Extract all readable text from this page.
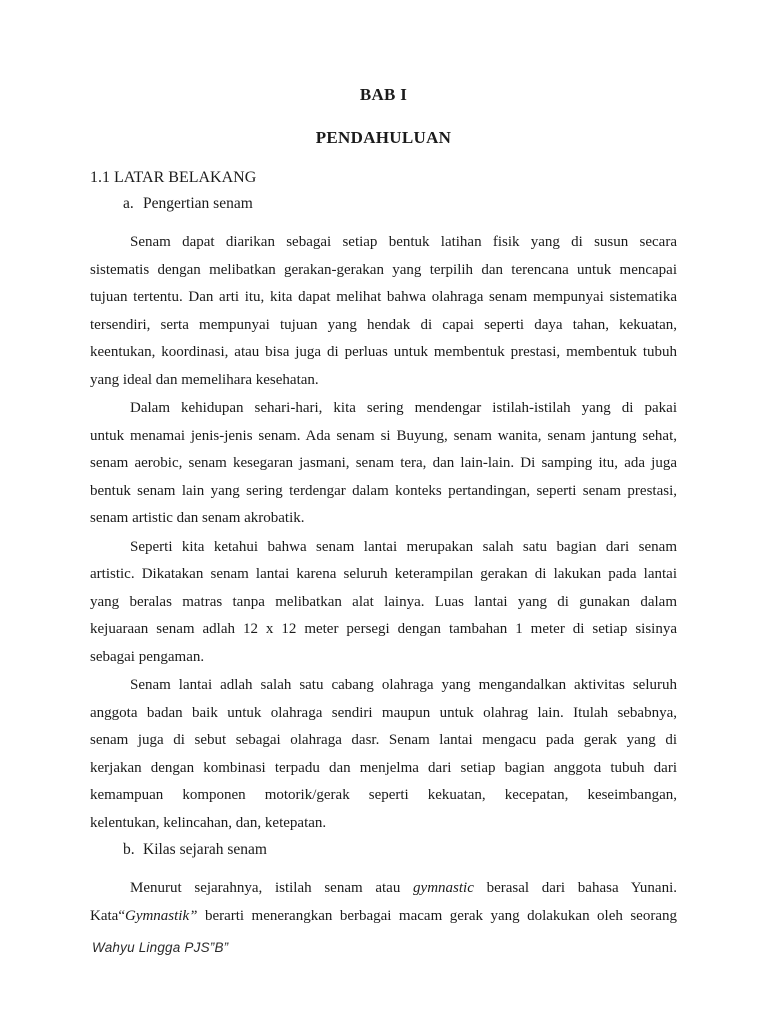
BAB I
PENDAHULUAN
1.1 LATAR BELAKANG
a. Pengertian senam
Senam dapat diarikan sebagai setiap bentuk latihan fisik yang di susun secara
sistematis dengan melibatkan gerakan-gerakan yang terpilih dan terencana untuk mencapai
tujuan tertentu. Dan arti itu, kita dapat melihat bahwa olahraga senam mempunyai sistematika
tersendiri, serta mempunyai tujuan yang hendak di capai seperti daya tahan, kekuatan,
keentukan, koordinasi, atau bisa juga di perluas untuk membentuk prestasi, membentuk tubuh
yang ideal dan memelihara kesehatan.
Dalam kehidupan sehari-hari, kita sering mendengar istilah-istilah yang di pakai
untuk menamai jenis-jenis senam. Ada senam si Buyung, senam wanita, senam jantung sehat,
senam aerobic, senam kesegaran jasmani, senam tera, dan lain-lain. Di samping itu, ada juga
bentuk senam lain yang sering terdengar dalam konteks pertandingan, seperti senam prestasi,
senam artistic dan senam akrobatik.
Seperti kita ketahui bahwa senam lantai merupakan salah satu bagian dari senam
artistic. Dikatakan senam lantai karena seluruh keterampilan gerakan di lakukan pada lantai
yang beralas matras tanpa melibatkan alat lainya. Luas lantai yang di gunakan dalam
kejuaraan senam adlah 12 x 12 meter persegi dengan tambahan 1 meter di setiap sisinya
sebagai pengaman.
Senam lantai adlah salah satu cabang olahraga yang mengandalkan aktivitas seluruh
anggota badan baik untuk olahraga sendiri maupun untuk olahrag lain. Itulah sebabnya,
senam juga di sebut sebagai olahraga dasr. Senam lantai mengacu pada gerak yang di
kerjakan dengan kombinasi terpadu dan menjelma dari setiap bagian anggota tubuh dari
kemampuan komponen motorik/gerak seperti kekuatan, kecepatan, keseimbangan,
kelentukan, kelincahan, dan, ketepatan.
b. Kilas sejarah senam
Menurut sejarahnya, istilah senam atau gymnastic berasal dari bahasa Yunani.
Kata“Gymnastik” berarti menerangkan berbagai macam gerak yang dolakukan oleh seorang
Wahyu Lingga PJS”B”
